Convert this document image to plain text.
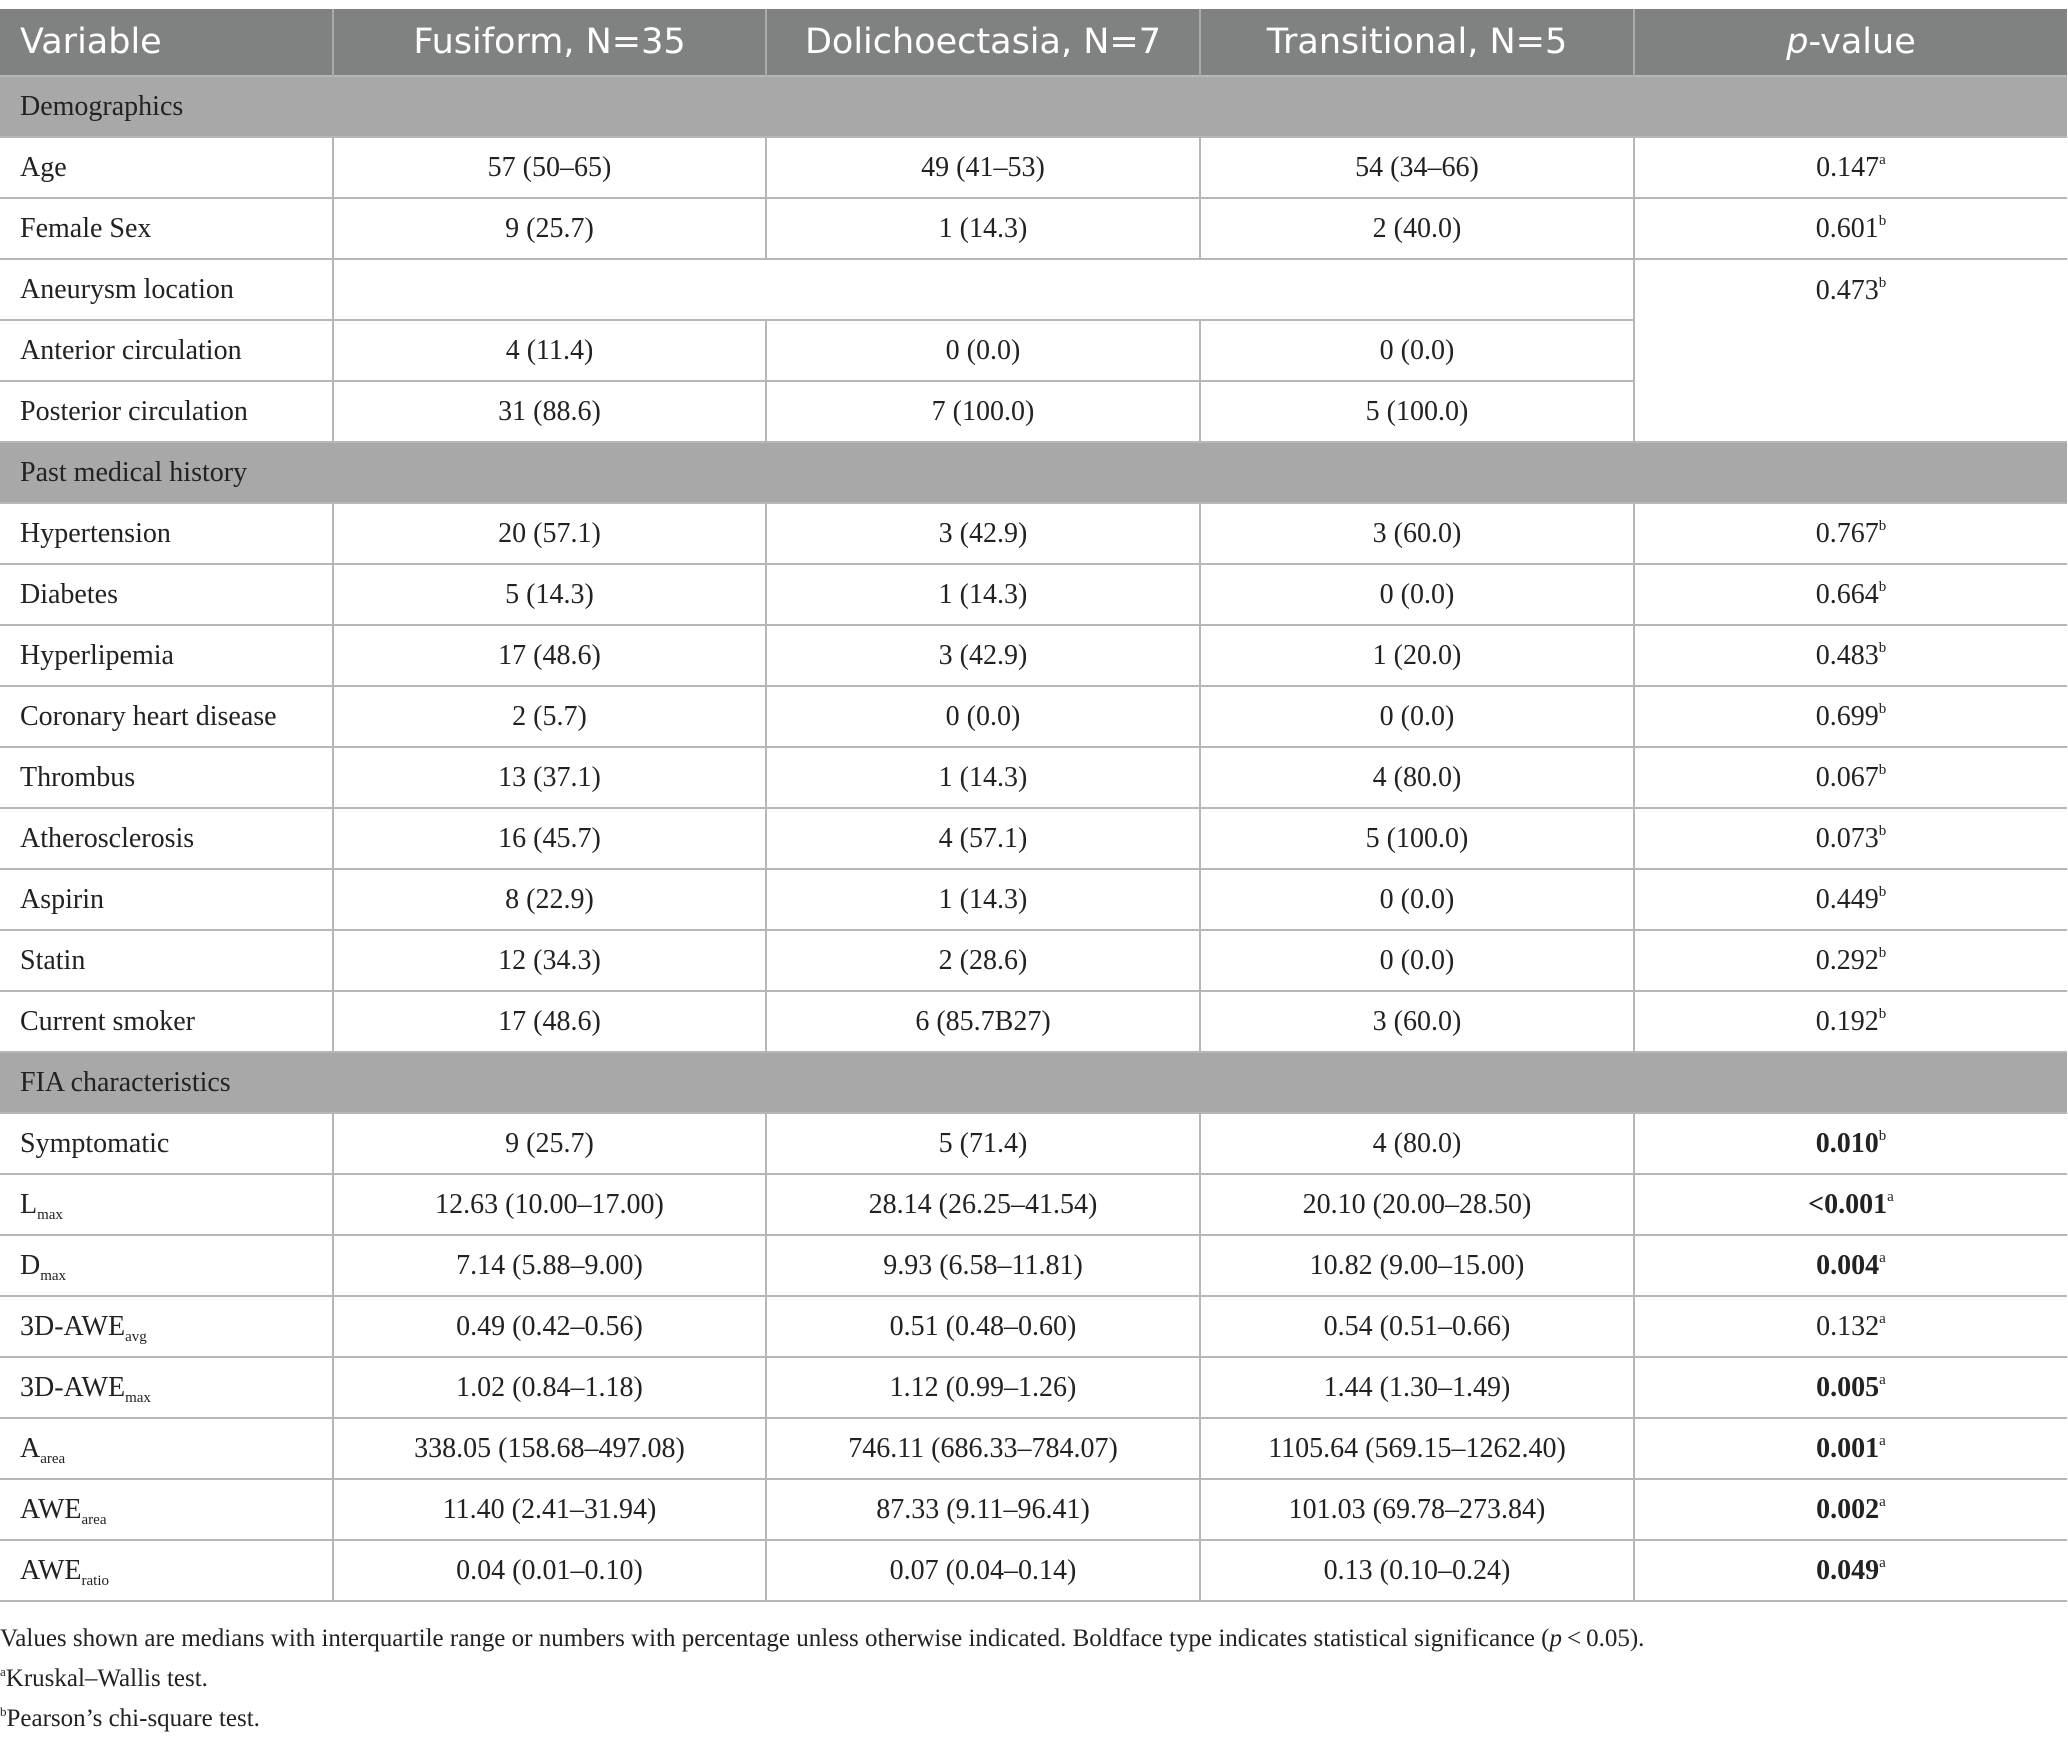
Variable	Fusiform, N=35	Dolichoectasia, N=7	Transitional, N=5	p-value
Demographics				
Age	57 (50–65)	49 (41–53)	54 (34–66)	0.147$^a$
Female Sex	9 (25.7)	1 (14.3)	2 (40.0)	0.601$^b$
Aneurysm location				0.473$^b$
Anterior circulation	4 (11.4)	0 (0.0)	0 (0.0)	
Posterior circulation	31 (88.6)	7 (100.0)	5 (100.0)	
Past medical history				
Hypertension	20 (57.1)	3 (42.9)	3 (60.0)	0.767$^b$
Diabetes	5 (14.3)	1 (14.3)	0 (0.0)	0.664$^b$
Hyperlipemia	17 (48.6)	3 (42.9)	1 (20.0)	0.483$^b$
Coronary heart disease	2 (5.7)	0 (0.0)	0 (0.0)	0.699$^b$
Thrombus	13 (37.1)	1 (14.3)	4 (80.0)	0.067$^b$
Atherosclerosis	16 (45.7)	4 (57.1)	5 (100.0)	0.073$^b$
Aspirin	8 (22.9)	1 (14.3)	0 (0.0)	0.449$^b$
Statin	12 (34.3)	2 (28.6)	0 (0.0)	0.292$^b$
Current smoker	17 (48.6)	6 (85.7B27)	3 (60.0)	0.192$^b$
FIA characteristics				
Symptomatic	9 (25.7)	5 (71.4)	4 (80.0)	0.010$^b$
$L_{max}$	12.63 (10.00–17.00)	28.14 (26.25–41.54)	20.10 (20.00–28.50)	<0.001$^a$
$D_{max}$	7.14 (5.88–9.00)	9.93 (6.58–11.81)	10.82 (9.00–15.00)	0.004$^a$
$3D-AWE_{avg}$	0.49 (0.42–0.56)	0.51 (0.48–0.60)	0.54 (0.51–0.66)	0.132$^a$
$3D-AWE_{max}$	1.02 (0.84–1.18)	1.12 (0.99–1.26)	1.44 (1.30–1.49)	0.005$^a$
$A_{area}$	338.05 (158.68–497.08)	746.11 (686.33–784.07)	1105.64 (569.15–1262.40)	0.001$^a$
$AWE_{area}$	11.40 (2.41–31.94)	87.33 (9.11–96.41)	101.03 (69.78–273.84)	0.002$^a$
$AWE_{ratio}$	0.04 (0.01–0.10)	0.07 (0.04–0.14)	0.13 (0.10–0.24)	0.049$^a$

Values shown are medians with interquartile range or numbers with percentage unless otherwise indicated. Boldface type indicates statistical significance (p < 0.05).

$^a$Kruskal–Wallis test.

$^b$Pearson’s chi-square test.
